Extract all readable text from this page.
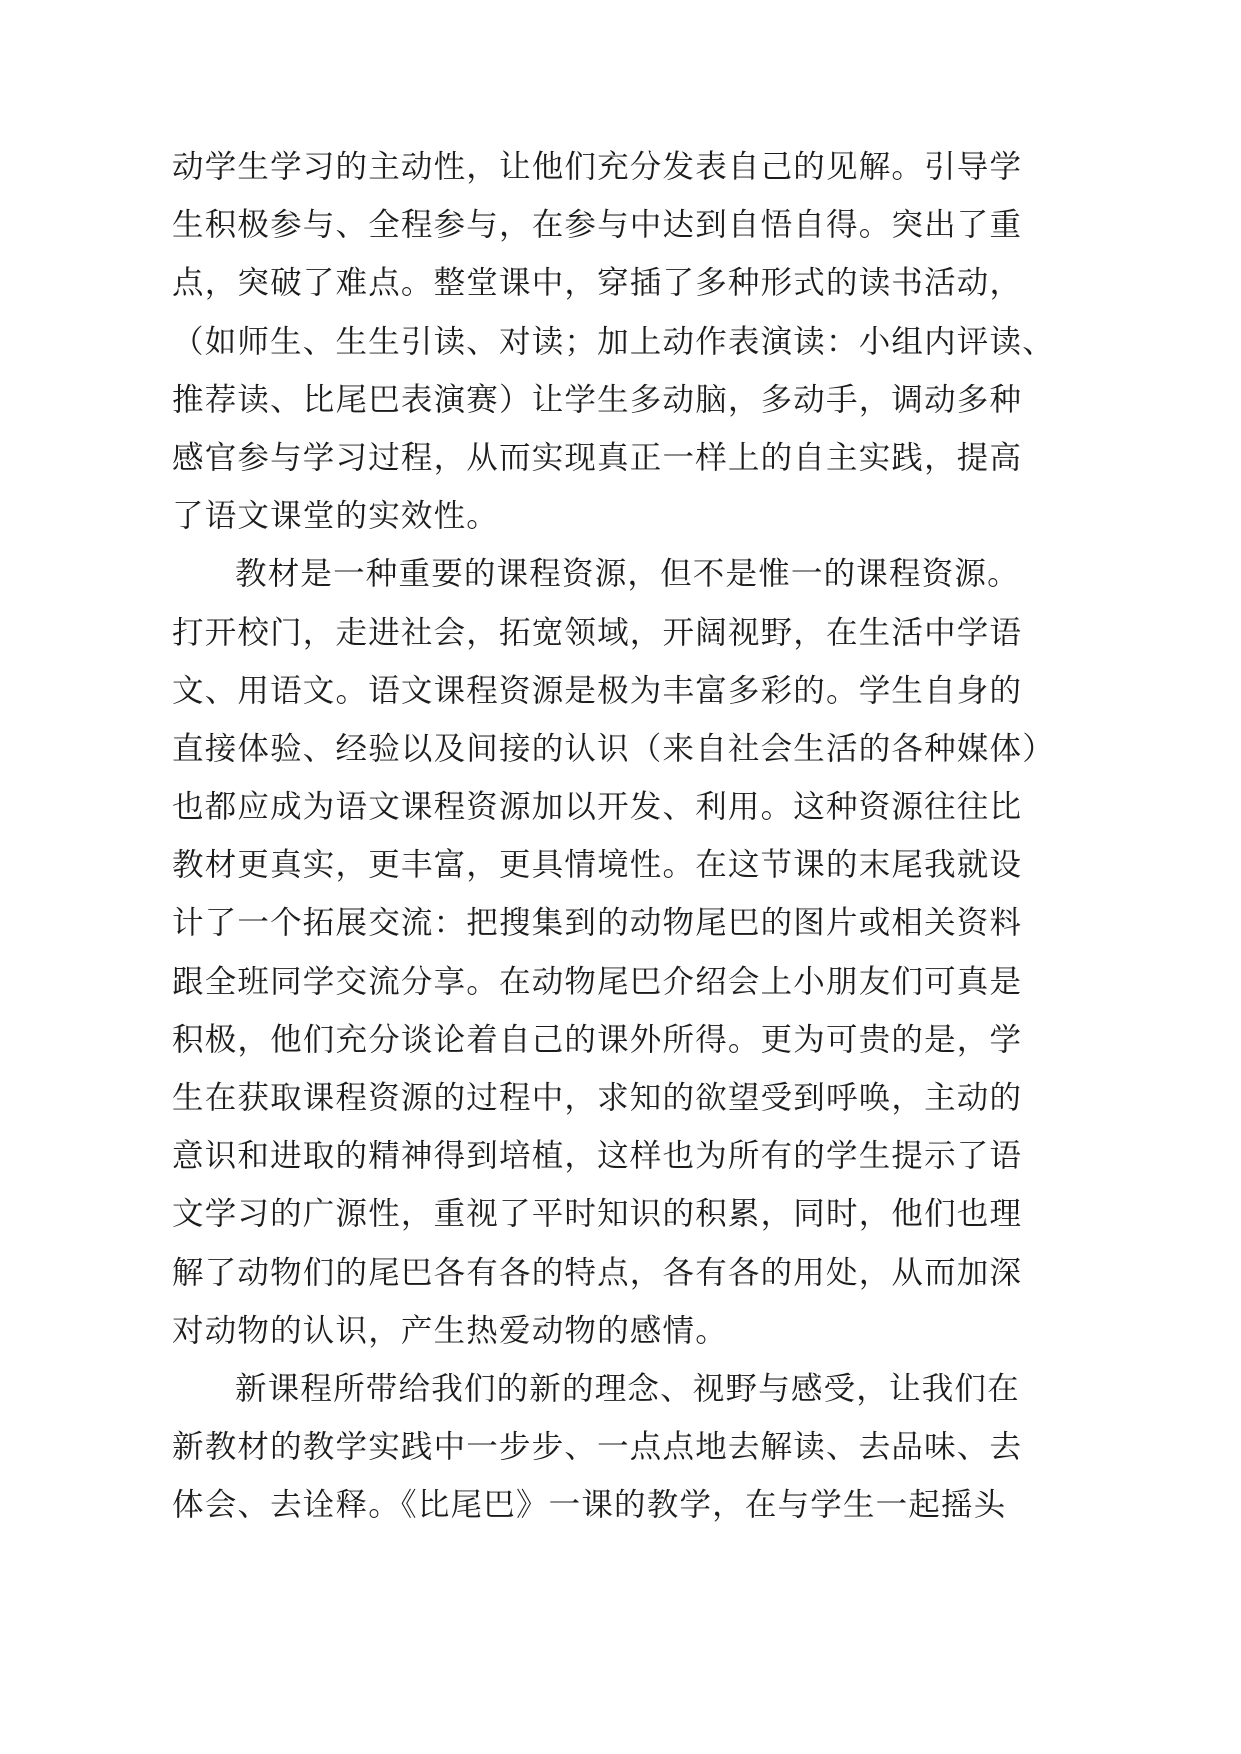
动学生学习的主动性，让他们充分发表自己的见解。引导学
生积极参与、全程参与，在参与中达到自悟自得。突出了重
点，突破了难点。整堂课中，穿插了多种形式的读书活动，
（如师生、生生引读、对读；加上动作表演读：小组内评读、
推荐读、比尾巴表演赛）让学生多动脑，多动手，调动多种
感官参与学习过程，从而实现真正一样上的自主实践，提高
了语文课堂的实效性。
教材是一种重要的课程资源，但不是惟一的课程资源。
打开校门，走进社会，拓宽领域，开阔视野，在生活中学语
文、用语文。语文课程资源是极为丰富多彩的。学生自身的
直接体验、经验以及间接的认识（来自社会生活的各种媒体）
也都应成为语文课程资源加以开发、利用。这种资源往往比
教材更真实，更丰富，更具情境性。在这节课的末尾我就设
计了一个拓展交流：把搜集到的动物尾巴的图片或相关资料
跟全班同学交流分享。在动物尾巴介绍会上小朋友们可真是
积极，他们充分谈论着自己的课外所得。更为可贵的是，学
生在获取课程资源的过程中，求知的欲望受到呼唤，主动的
意识和进取的精神得到培植，这样也为所有的学生提示了语
文学习的广源性，重视了平时知识的积累，同时，他们也理
解了动物们的尾巴各有各的特点，各有各的用处，从而加深
对动物的认识，产生热爱动物的感情。
新课程所带给我们的新的理念、视野与感受，让我们在
新教材的教学实践中一步步、一点点地去解读、去品味、去
体会、去诠释。《比尾巴》一课的教学，在与学生一起摇头
